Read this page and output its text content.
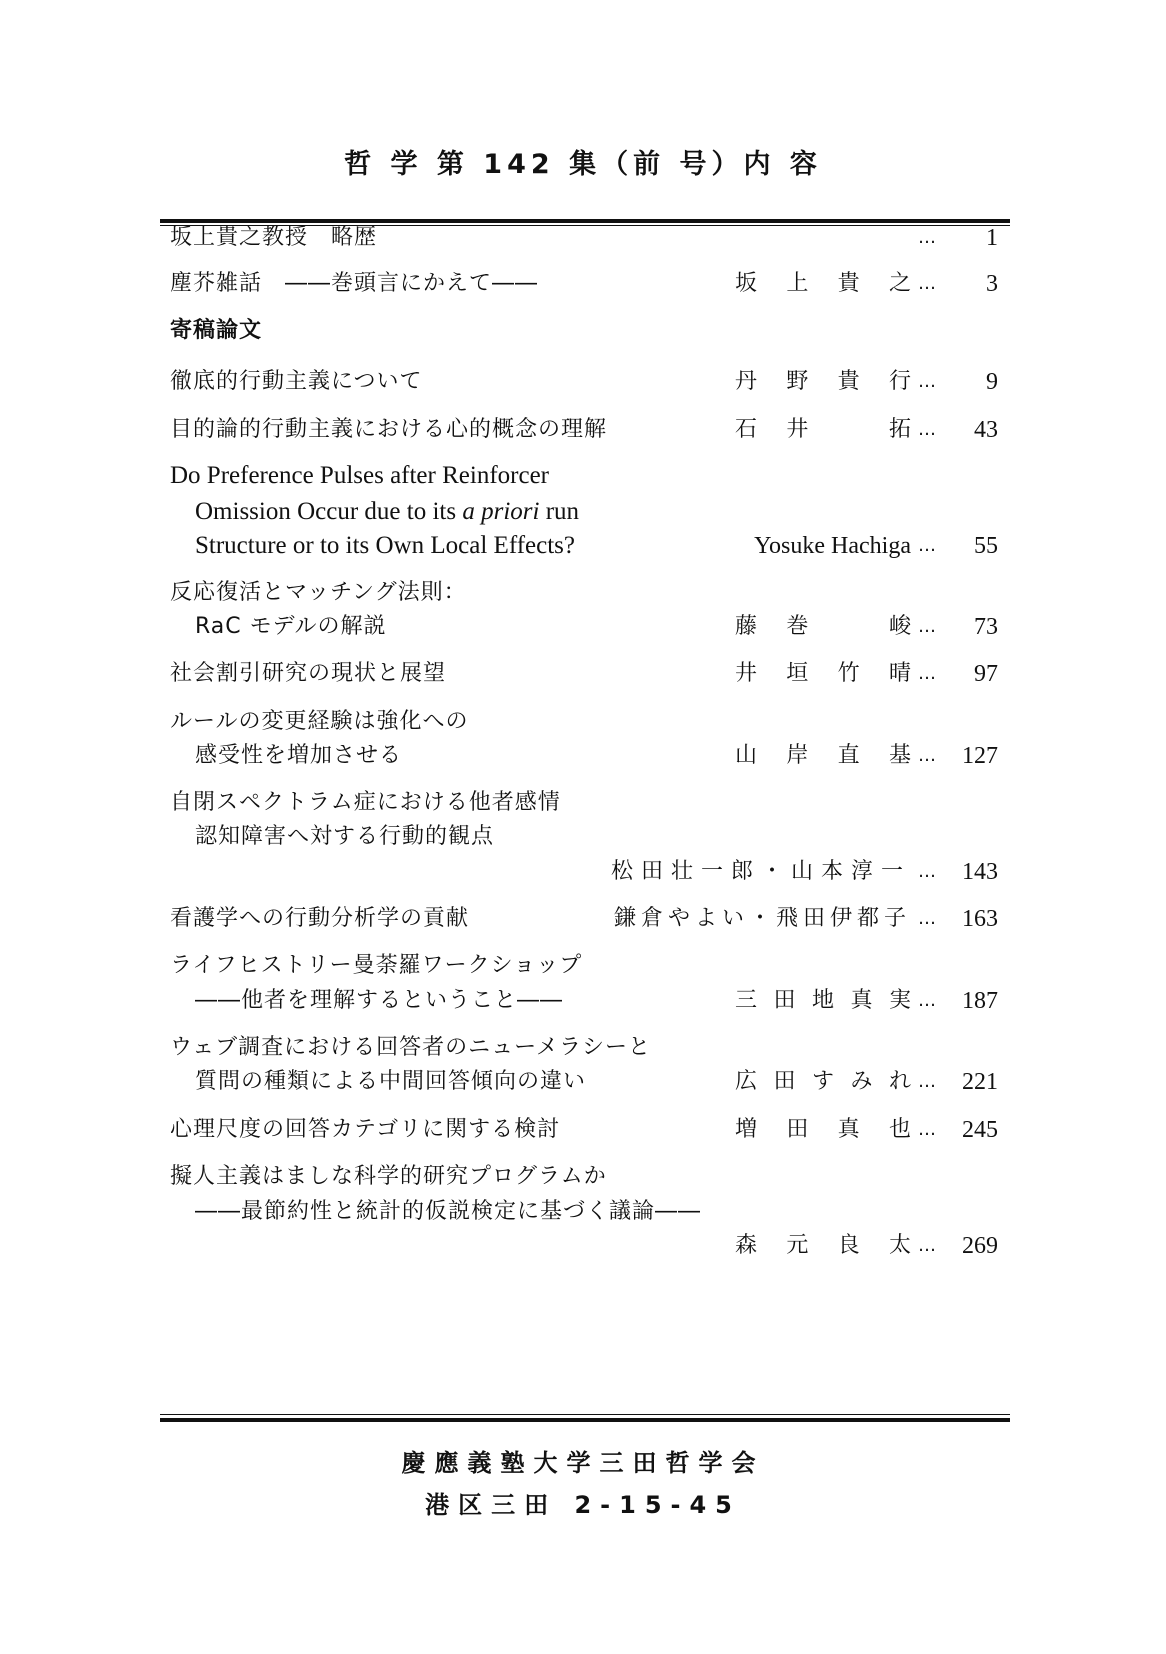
哲 学 第 142 集（前 号）内 容
坂上貴之教授　略歴	… 1
塵芥雑話　――巻頭言にかえて――	坂上貴之 … 3
寄稿論文
徹底的行動主義について	丹野貴行 … 9
目的論的行動主義における心的概念の理解	石井　拓 … 43
Do Preference Pulses after Reinforcer
Omission Occur due to its a priori run
Structure or to its Own Local Effects?	Yosuke Hachiga … 55
反応復活とマッチング法則：
RaC モデルの解説	藤巻　峻 … 73
社会割引研究の現状と展望	井垣竹晴 … 97
ルールの変更経験は強化への
感受性を増加させる	山岸直基 … 127
自閉スペクトラム症における他者感情
認知障害へ対する行動的観点
松田壮一郎・山本淳一 … 143
看護学への行動分析学の貢献	鎌倉やよい・飛田伊都子 … 163
ライフヒストリー曼荼羅ワークショップ
――他者を理解するということ――	三田地真実 … 187
ウェブ調査における回答者のニューメラシーと
質問の種類による中間回答傾向の違い	広田すみれ … 221
心理尺度の回答カテゴリに関する検討	増田真也 … 245
擬人主義はましな科学的研究プログラムか
――最節約性と統計的仮説検定に基づく議論――
森元良太 … 269
慶應義塾大学三田哲学会
港区三田 2-15-45
